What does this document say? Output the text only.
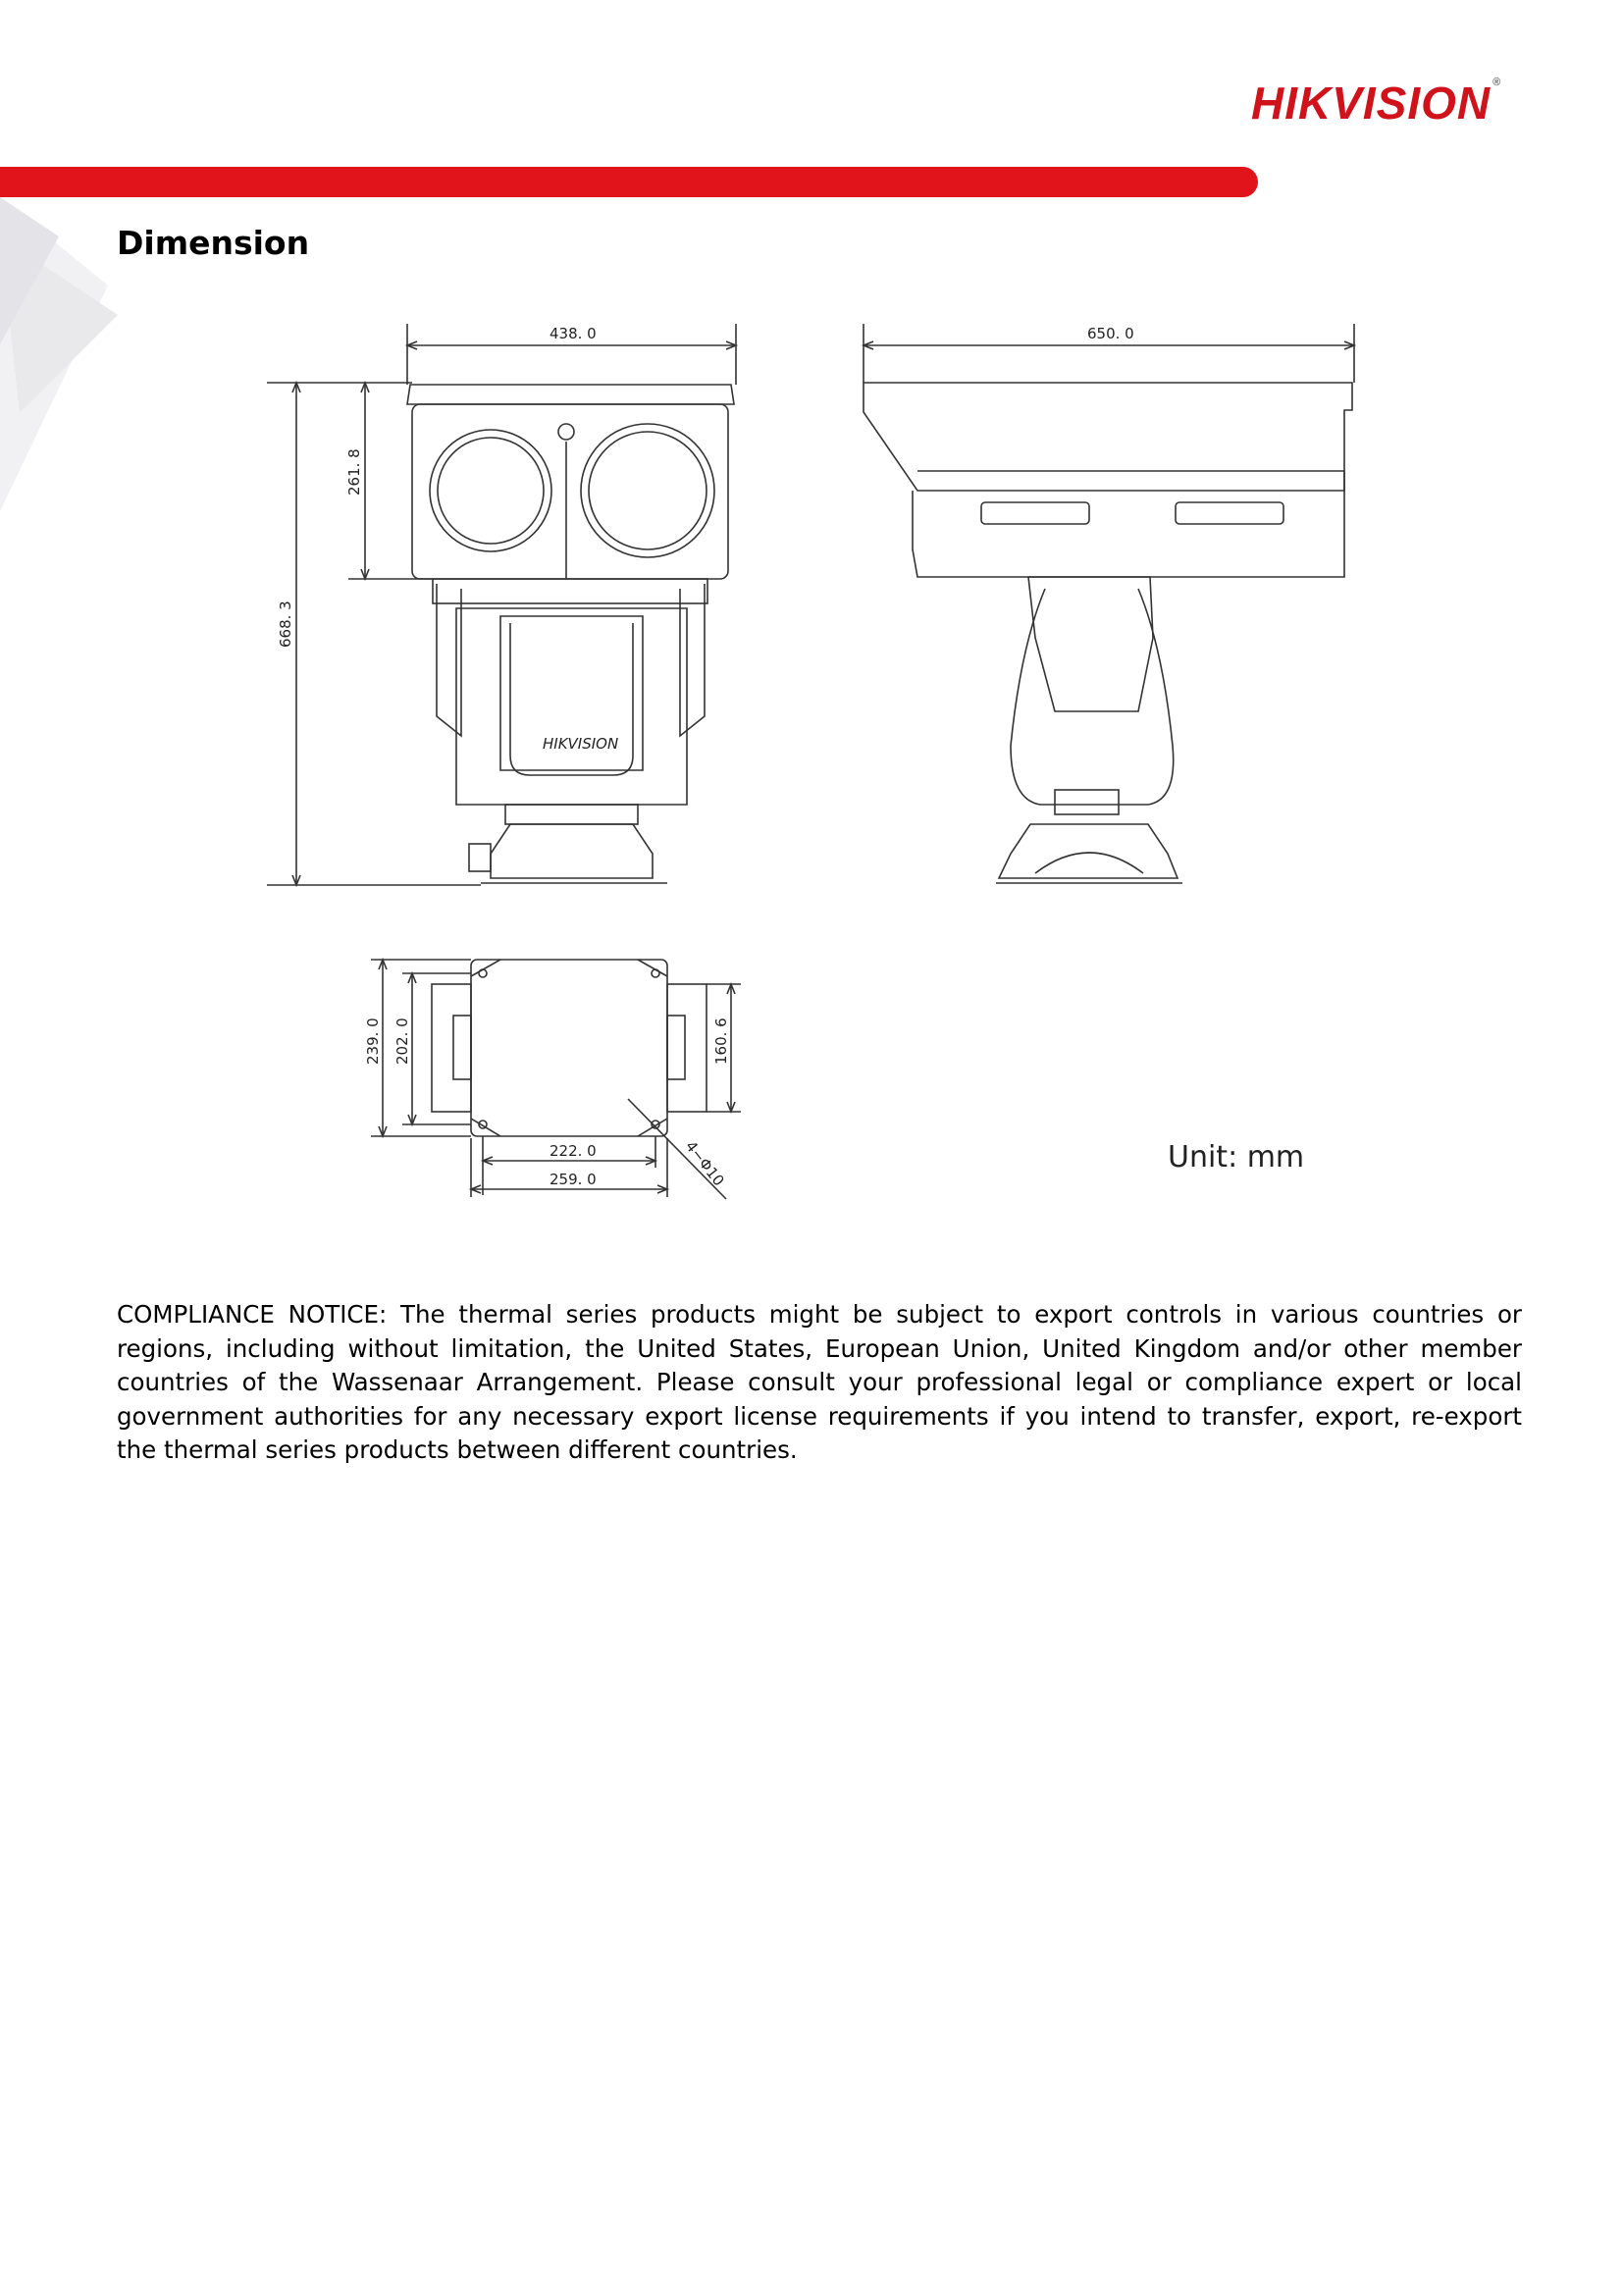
HIKVISION ®
Dimension
438. 0
668. 3
261. 8
HIKVISION
650. 0
239. 0 202. 0	160. 6
222. 0
259. 0	4−Φ10	Unit: mm
COMPLIANCE NOTICE: The thermal series products might be subject to export controls in various countries or regions, including without limitation, the United States, European Union, United Kingdom and/or other member countries of the Wassenaar Arrangement. Please consult your professional legal or compliance expert or local government authorities for any necessary export license requirements if you intend to transfer, export, re-export the thermal series products between different countries.
